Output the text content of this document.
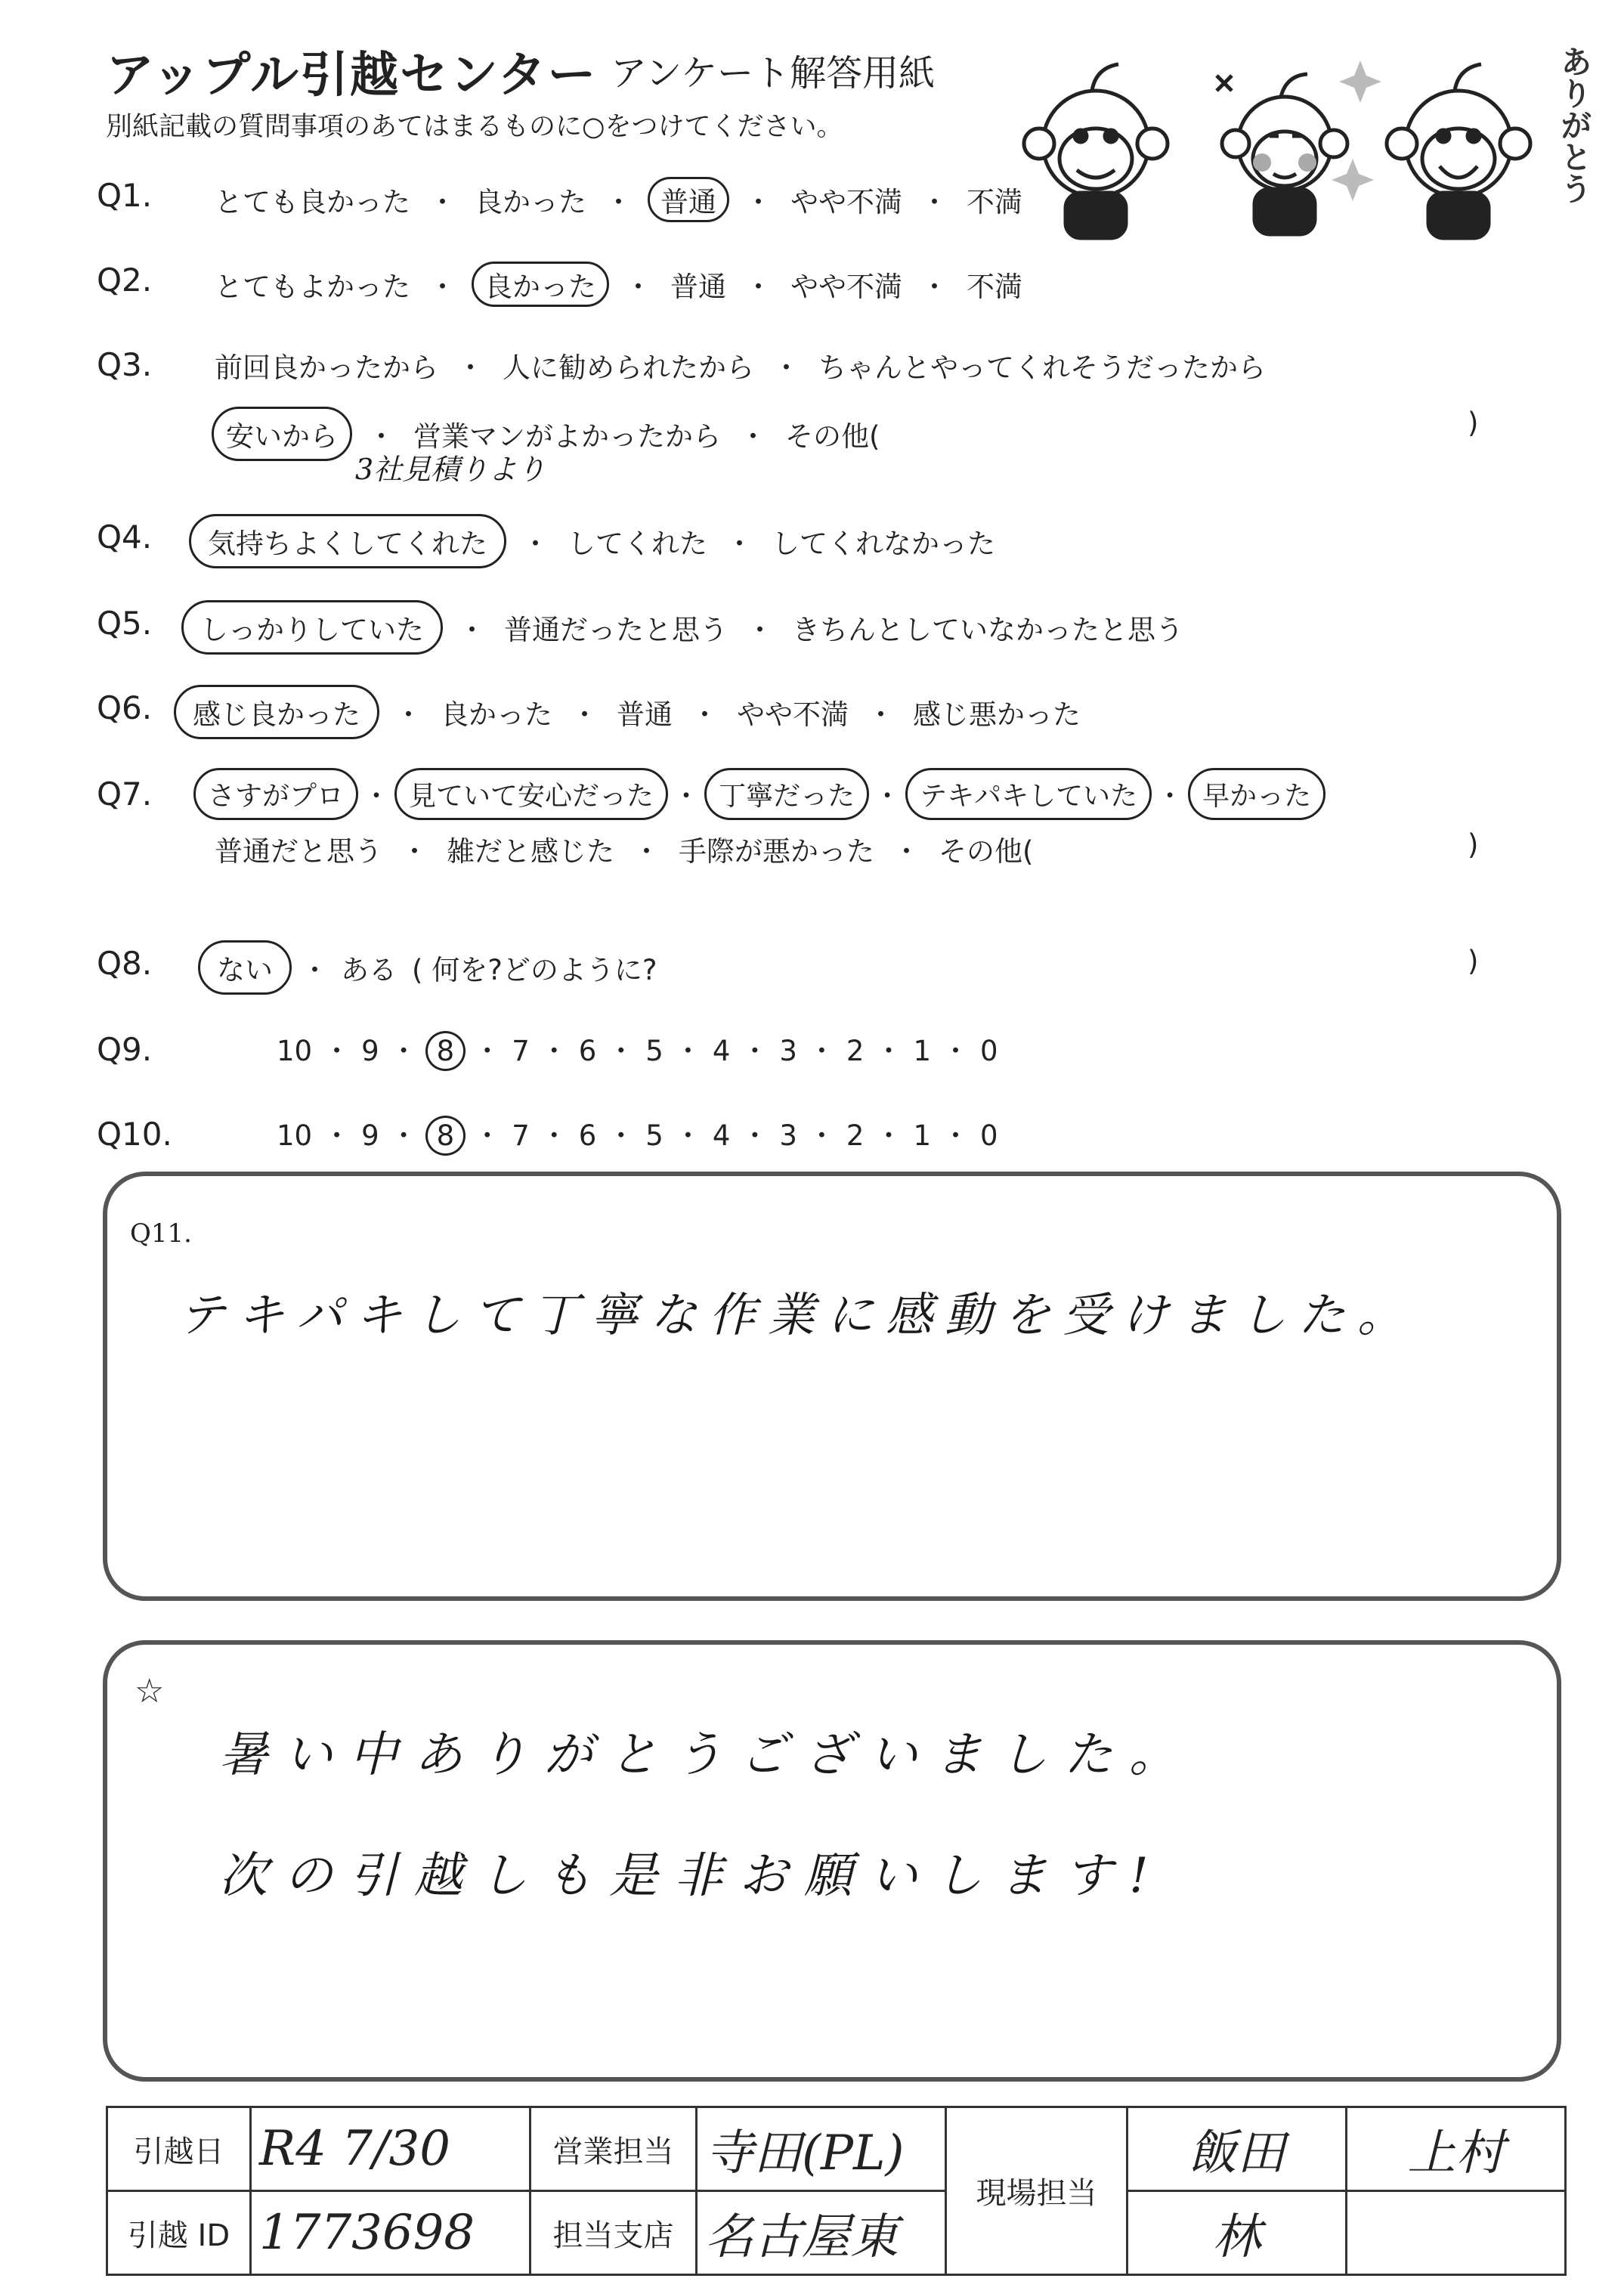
アップル引越センター アンケート解答用紙
別紙記載の質問事項のあてはまるものに○をつけてください。	ありがとう
Q1. とても良かった ・ 良かった ・ 普通 ・ やや不満 ・ 不満
Q2. とてもよかった ・ 良かった ・ 普通 ・ やや不満 ・ 不満
Q3. 前回良かったから ・ 人に勧められたから ・ ちゃんとやってくれそうだったから
安いから ・ 営業マンがよかったから ・ その他(	)
3社見積りより
Q4.	気持ちよくしてくれた ・ してくれた ・ してくれなかった
Q5.	しっかりしていた ・ 普通だったと思う ・ きちんとしていなかったと思う
Q6.	感じ良かった ・ 良かった ・ 普通 ・ やや不満 ・ 感じ悪かった
Q7.	さすがプロ ・ 見ていて安心だった ・ 丁寧だった ・ テキパキしていた ・ 早かった
普通だと思う ・ 雑だと感じた ・ 手際が悪かった ・ その他(	)
Q8.	ない ・ ある ( 何を?どのように?	)
Q9.	10 ・ 9 ・ 8 ・ 7 ・ 6 ・ 5 ・ 4 ・ 3 ・ 2 ・ 1 ・ 0
Q10.	10 ・ 9 ・ 8 ・ 7 ・ 6 ・ 5 ・ 4 ・ 3 ・ 2 ・ 1 ・ 0
Q11.
テキパキして丁寧な作業に感動を受けました。
☆
暑い中ありがとうございました。
次の引越しも是非お願いします!
引越日	R4 7/30	営業担当	寺田(PL)	現場担当	飯田	上村
引越 ID	1773698	担当支店	名古屋東		林	
